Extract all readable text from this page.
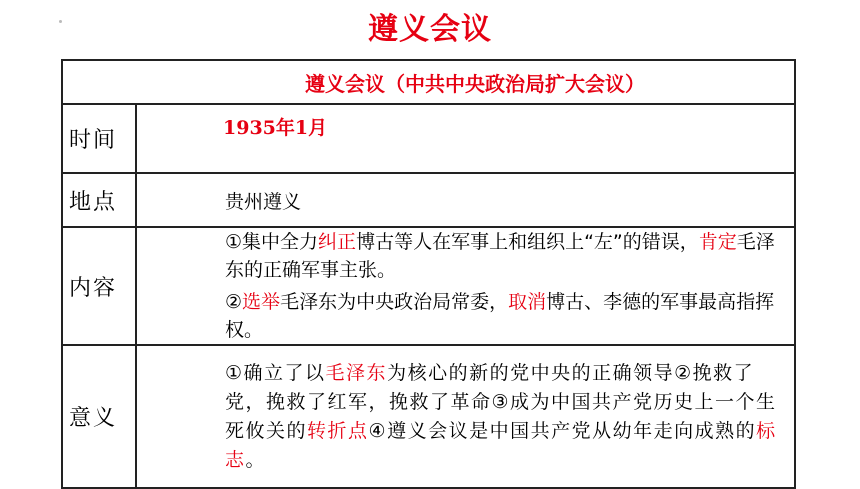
遵义会议
遵义会议（中共中央政治局扩大会议）	
时间	1935年1月
地点	贵州遵义
内容	①集中全力纠正博古等人在军事上和组织上“左”的错误，肯定毛泽东的正确军事主张。

②选举毛泽东为中央政治局常委，取消博古、李德的军事最高指挥权。

意义	①确立了以毛泽东为核心的新的党中央的正确领导②挽救了党，挽救了红军，挽救了革命③成为中国共产党历史上一个生死攸关的转折点④遵义会议是中国共产党从幼年走向成熟的标志。
